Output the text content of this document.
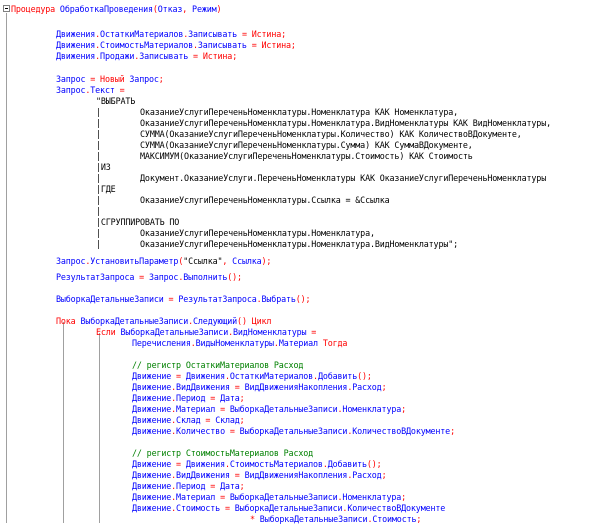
Процедура ОбработкаПроведения(Отказ, Режим)
Движения.ОстаткиМатериалов.Записывать = Истина;
Движения.СтоимостьМатериалов.Записывать = Истина;
Движения.Продажи.Записывать = Истина;
Запрос = Новый Запрос;
Запрос.Текст =
"ВЫБРАТЬ
|        ОказаниеУслугиПереченьНоменклатуры.Номенклатура КАК Номенклатура,
|        ОказаниеУслугиПереченьНоменклатуры.Номенклатура.ВидНоменклатуры КАК ВидНоменклатуры,
|        СУММА(ОказаниеУслугиПереченьНоменклатуры.Количество) КАК КоличествоВДокументе,
|        СУММА(ОказаниеУслугиПереченьНоменклатуры.Сумма) КАК СуммаВДокументе,
|        МАКСИМУМ(ОказаниеУслугиПереченьНоменклатуры.Стоимость) КАК Стоимость
|ИЗ
|        Документ.ОказаниеУслуги.ПереченьНоменклатуры КАК ОказаниеУслугиПереченьНоменклатуры
|ГДЕ
|        ОказаниеУслугиПереченьНоменклатуры.Ссылка = &Ссылка
|
|СГРУППИРОВАТЬ ПО
|        ОказаниеУслугиПереченьНоменклатуры.Номенклатура,
|        ОказаниеУслугиПереченьНоменклатуры.Номенклатура.ВидНоменклатуры";
Запрос.УстановитьПараметр("Ссылка", Ссылка);
РезультатЗапроса = Запрос.Выполнить();
ВыборкаДетальныеЗаписи = РезультатЗапроса.Выбрать();
Пока ВыборкаДетальныеЗаписи.Следующий() Цикл
Если ВыборкаДетальныеЗаписи.ВидНоменклатуры =
Перечисления.ВидыНоменклатуры.Материал Тогда
// регистр ОстаткиМатериалов Расход
Движение = Движения.ОстаткиМатериалов.Добавить();
Движение.ВидДвижения = ВидДвиженияНакопления.Расход;
Движение.Период = Дата;
Движение.Материал = ВыборкаДетальныеЗаписи.Номенклатура;
Движение.Склад = Склад;
Движение.Количество = ВыборкаДетальныеЗаписи.КоличествоВДокументе;
// регистр СтоимостьМатериалов Расход
Движение = Движения.СтоимостьМатериалов.Добавить();
Движение.ВидДвижения = ВидДвиженияНакопления.Расход;
Движение.Период = Дата;
Движение.Материал = ВыборкаДетальныеЗаписи.Номенклатура;
Движение.Стоимость = ВыборкаДетальныеЗаписи.КоличествоВДокументе
* ВыборкаДетальныеЗаписи.Стоимость;
